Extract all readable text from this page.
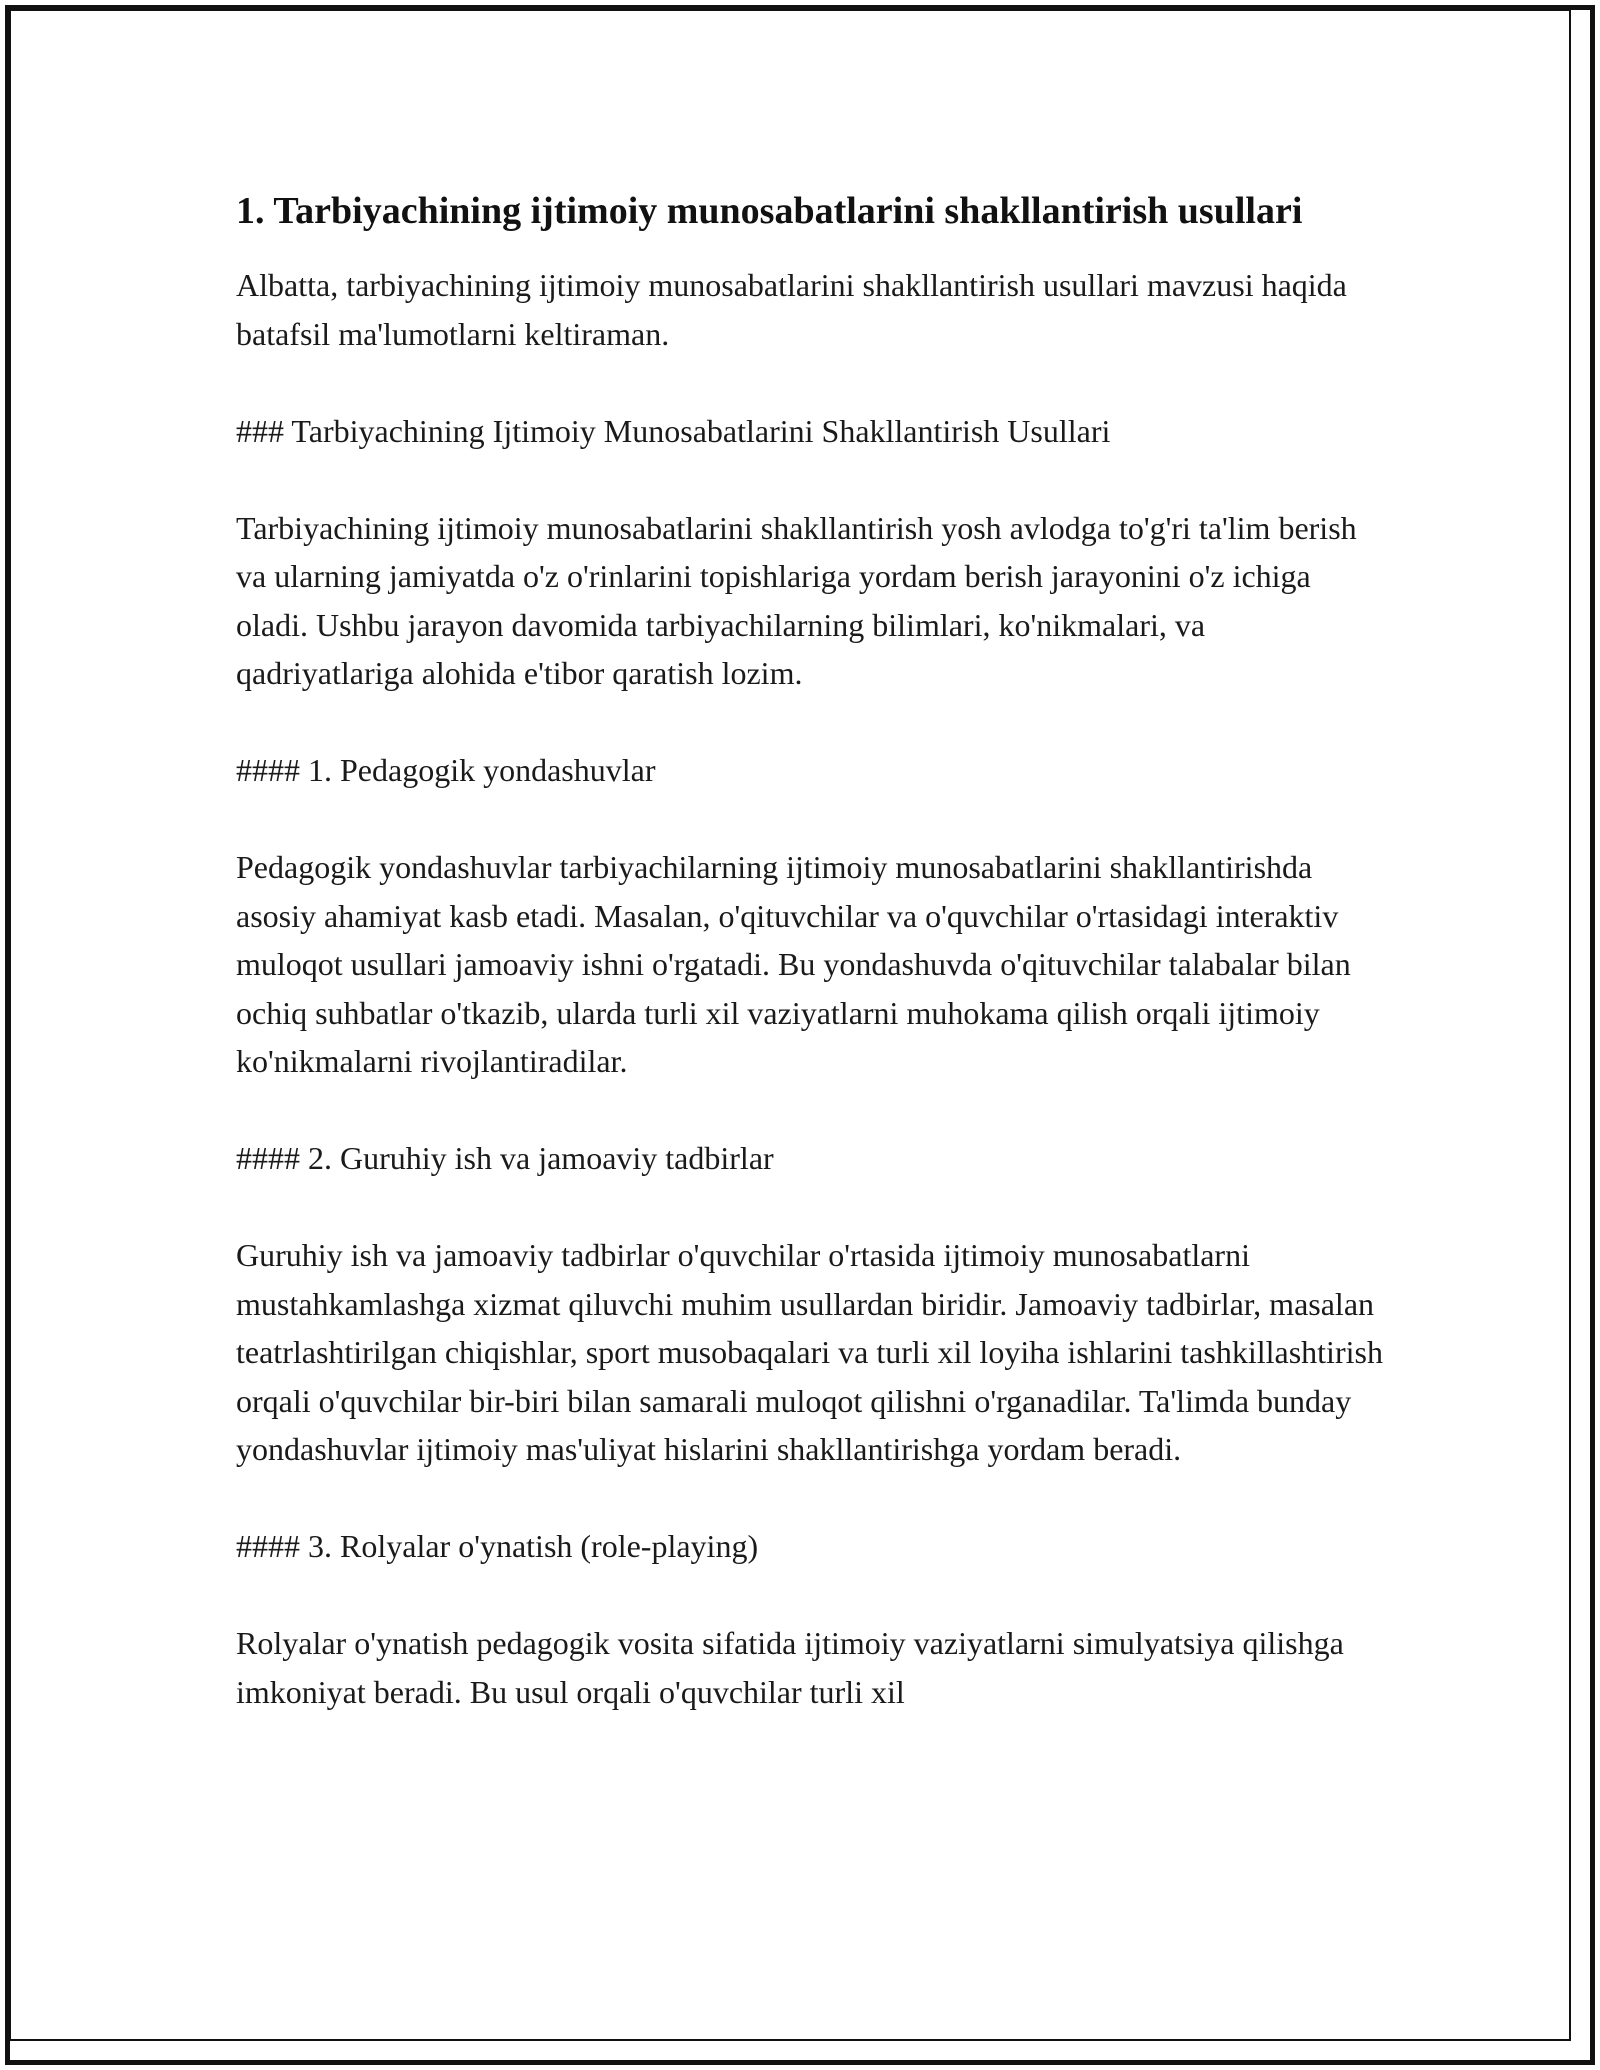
1. Tarbiyachining ijtimoiy munosabatlarini shakllantirish usullari

Albatta, tarbiyachining ijtimoiy munosabatlarini shakllantirish usullari mavzusi haqida batafsil ma'lumotlarni keltiraman.

### Tarbiyachining Ijtimoiy Munosabatlarini Shakllantirish Usullari

Tarbiyachining ijtimoiy munosabatlarini shakllantirish yosh avlodga to'g'ri ta'lim berish va ularning jamiyatda o'z o'rinlarini topishlariga yordam berish jarayonini o'z ichiga oladi. Ushbu jarayon davomida tarbiyachilarning bilimlari, ko'nikmalari, va qadriyatlariga alohida e'tibor qaratish lozim.

#### 1. Pedagogik yondashuvlar

Pedagogik yondashuvlar tarbiyachilarning ijtimoiy munosabatlarini shakllantirishda asosiy ahamiyat kasb etadi. Masalan, o'qituvchilar va o'quvchilar o'rtasidagi interaktiv muloqot usullari jamoaviy ishni o'rgatadi. Bu yondashuvda o'qituvchilar talabalar bilan ochiq suhbatlar o'tkazib, ularda turli xil vaziyatlarni muhokama qilish orqali ijtimoiy ko'nikmalarni rivojlantiradilar.

#### 2. Guruhiy ish va jamoaviy tadbirlar

Guruhiy ish va jamoaviy tadbirlar o'quvchilar o'rtasida ijtimoiy munosabatlarni mustahkamlashga xizmat qiluvchi muhim usullardan biridir. Jamoaviy tadbirlar, masalan teatrlashtirilgan chiqishlar, sport musobaqalari va turli xil loyiha ishlarini tashkillashtirish orqali o'quvchilar bir-biri bilan samarali muloqot qilishni o'rganadilar. Ta'limda bunday yondashuvlar ijtimoiy mas'uliyat hislarini shakllantirishga yordam beradi.

#### 3. Rolyalar o'ynatish (role-playing)

Rolyalar o'ynatish pedagogik vosita sifatida ijtimoiy vaziyatlarni simulyatsiya qilishga imkoniyat beradi. Bu usul orqali o'quvchilar turli xil
